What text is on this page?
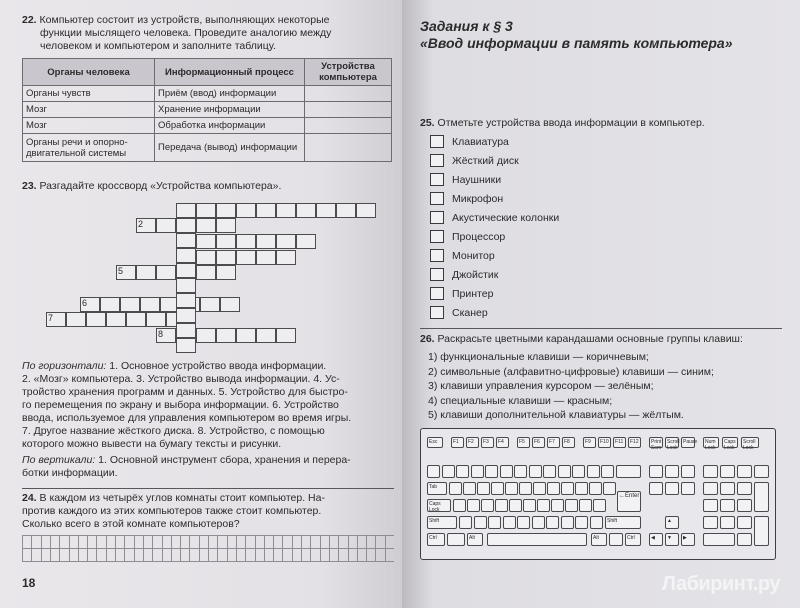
22. Компьютер состоит из устройств, выполняющих некоторые
функции мыслящего человека. Проведите аналогию между
человеком и компьютером и заполните таблицу.
Органы человека	Информационный процесс	Устройства компьютера
Органы чувств	Приём (ввод) информации	
Мозг	Хранение информации	
Мозг	Обработка информации	
Органы речи и опорно-двигательной системы	Передача (вывод) информации	
23. Разгадайте кроссворд «Устройства компьютера».
2
5
6
7
8
По горизонтали: 1. Основное устройство ввода информации.
2. «Мозг» компьютера. 3. Устройство вывода информации. 4. Ус-
тройство хранения программ и данных. 5. Устройство для быстро-
го перемещения по экрану и выбора информации. 6. Устройство
ввода, используемое для управления компьютером во время игры.
7. Другое название жёсткого диска. 8. Устройство, с помощью
которого можно вывести на бумагу тексты и рисунки.
По вертикали: 1. Основной инструмент сбора, хранения и перера-
ботки информации.
24. В каждом из четырёх углов комнаты стоит компьютер. На-
против каждого из этих компьютеров также стоит компьютер.
Сколько всего в этой комнате компьютеров?
18
Задания к § 3
«Ввод информации в память компьютера»
25. Отметьте устройства ввода информации в компьютер.
Клавиатура
Жёсткий диск
Наушники
Микрофон
Акустические колонки
Процессор
Монитор
Джойстик
Принтер
Сканер
26. Раскрасьте цветными карандашами основные группы клавиш:
1) функциональные клавиши — коричневым;
2) символьные (алфавитно-цифровые) клавиши — синим;
3) клавиши управления курсором — зелёным;
4) специальные клавиши — красным;
5) клавиши дополнительной клавиатуры — жёлтым.
Esc	Print Scrn
Scroll Lock
Pause	Num Lock
Caps Lock
Scroll Lock
Tab
Caps Lock
←Enter
Shift	Shift
Ctrl	Alt	Alt	Ctrl
F1	F2	F3	F4	F5	F6	F7	F8	F9	F10	F11	F12
▲
◀	▼	▶
Лабиринт.ру
